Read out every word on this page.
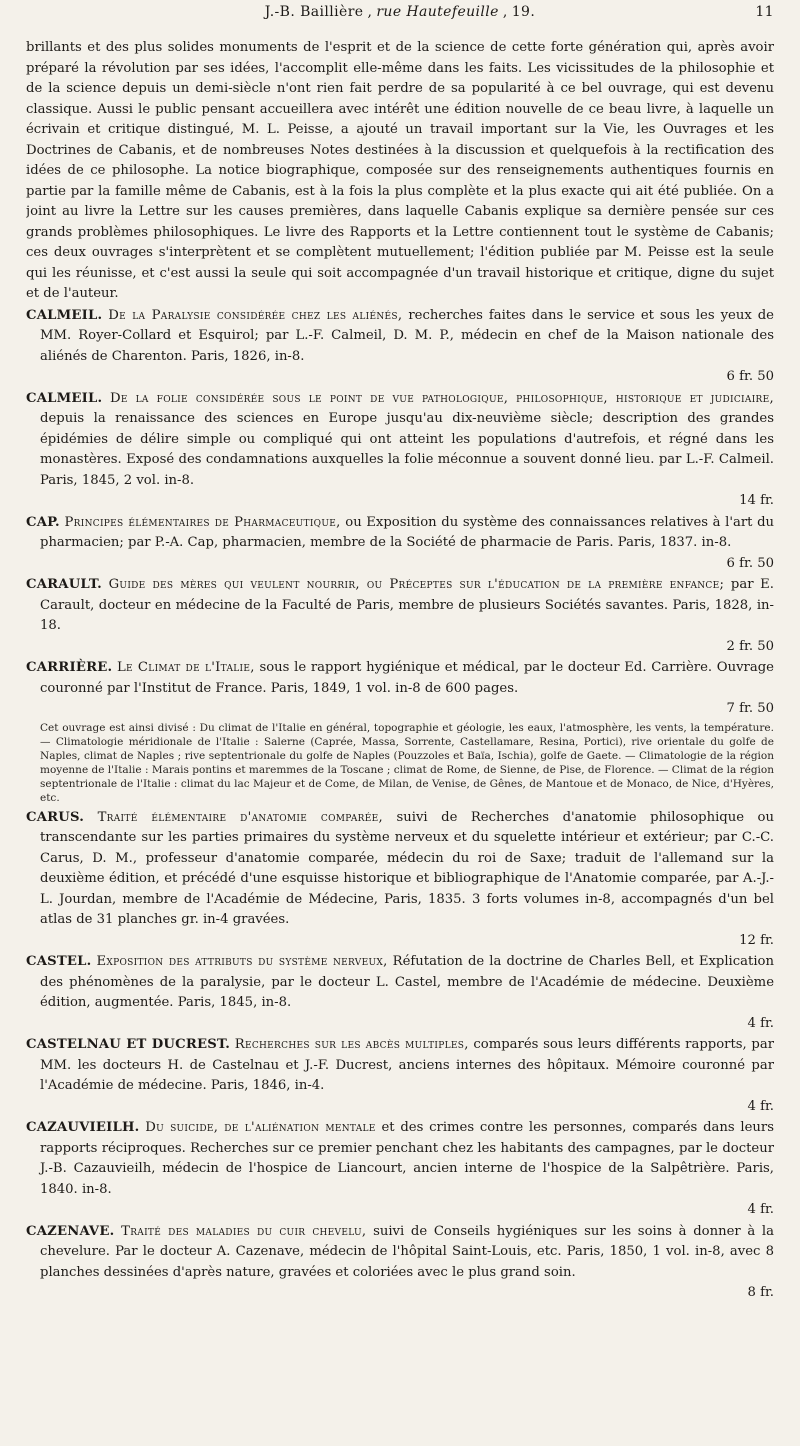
J.-B. Baillière , rue Hautefeuille , 19.	11

brillants et des plus solides monuments de l'esprit et de la science de cette forte génération qui, après avoir préparé la révolution par ses idées, l'accomplit elle-même dans les faits. Les vicissitudes de la philosophie et de la science depuis un demi-siècle n'ont rien fait perdre de sa popularité à ce bel ouvrage, qui est devenu classique. Aussi le public pensant accueillera avec intérêt une édition nouvelle de ce beau livre, à laquelle un écrivain et critique distingué, M. L. Peisse, a ajouté un travail important sur la Vie, les Ouvrages et les Doctrines de Cabanis, et de nombreuses Notes destinées à la discussion et quelquefois à la rectification des idées de ce philosophe. La notice biographique, composée sur des renseignements authentiques fournis en partie par la famille même de Cabanis, est à la fois la plus complète et la plus exacte qui ait été publiée. On a joint au livre la Lettre sur les causes premières, dans laquelle Cabanis explique sa dernière pensée sur ces grands problèmes philosophiques. Le livre des Rapports et la Lettre contiennent tout le système de Cabanis; ces deux ouvrages s'interprètent et se complètent mutuellement; l'édition publiée par M. Peisse est la seule qui les réunisse, et c'est aussi la seule qui soit accompagnée d'un travail historique et critique, digne du sujet et de l'auteur.

CALMEIL. De la Paralysie considérée chez les aliénés, recherches faites dans le service et sous les yeux de MM. Royer-Collard et Esquirol; par L.-F. Calmeil, D. M. P., médecin en chef de la Maison nationale des aliénés de Charenton. Paris, 1826, in-8.
6 fr. 50

CALMEIL. De la folie considérée sous le point de vue pathologique, philosophique, historique et judiciaire, depuis la renaissance des sciences en Europe jusqu'au dix-neuvième siècle; description des grandes épidémies de délire simple ou compliqué qui ont atteint les populations d'autrefois, et régné dans les monastères. Exposé des condamnations auxquelles la folie méconnue a souvent donné lieu. par L.-F. Calmeil. Paris, 1845, 2 vol. in-8.
14 fr.

CAP. Principes élémentaires de Pharmaceutique, ou Exposition du système des connaissances relatives à l'art du pharmacien; par P.-A. Cap, pharmacien, membre de la Société de pharmacie de Paris. Paris, 1837. in-8.
6 fr. 50

CARAULT. Guide des mères qui veulent nourrir, ou Préceptes sur l'éducation de la première enfance; par E. Carault, docteur en médecine de la Faculté de Paris, membre de plusieurs Sociétés savantes. Paris, 1828, in-18.
2 fr. 50

CARRIÈRE. Le Climat de l'Italie, sous le rapport hygiénique et médical, par le docteur Ed. Carrière. Ouvrage couronné par l'Institut de France. Paris, 1849, 1 vol. in-8 de 600 pages.
7 fr. 50
Cet ouvrage est ainsi divisé : Du climat de l'Italie en général, topographie et géologie, les eaux, l'atmosphère, les vents, la température. — Climatologie méridionale de l'Italie : Salerne (Caprée, Massa, Sorrente, Castellamare, Resina, Portici), rive orientale du golfe de Naples, climat de Naples ; rive septentrionale du golfe de Naples (Pouzzoles et Baïa, Ischia), golfe de Gaete. — Climatologie de la région moyenne de l'Italie : Marais pontins et maremmes de la Toscane ; climat de Rome, de Sienne, de Pise, de Florence. — Climat de la région septentrionale de l'Italie : climat du lac Majeur et de Come, de Milan, de Venise, de Gênes, de Mantoue et de Monaco, de Nice, d'Hyères, etc.

CARUS. Traité élémentaire d'anatomie comparée, suivi de Recherches d'anatomie philosophique ou transcendante sur les parties primaires du système nerveux et du squelette intérieur et extérieur; par C.-C. Carus, D. M., professeur d'anatomie comparée, médecin du roi de Saxe; traduit de l'allemand sur la deuxième édition, et précédé d'une esquisse historique et bibliographique de l'Anatomie comparée, par A.-J.-L. Jourdan, membre de l'Académie de Médecine, Paris, 1835. 3 forts volumes in-8, accompagnés d'un bel atlas de 31 planches gr. in-4 gravées.
12 fr.

CASTEL. Exposition des attributs du système nerveux, Réfutation de la doctrine de Charles Bell, et Explication des phénomènes de la paralysie, par le docteur L. Castel, membre de l'Académie de médecine. Deuxième édition, augmentée. Paris, 1845, in-8.
4 fr.

CASTELNAU ET DUCREST. Recherches sur les abcès multiples, comparés sous leurs différents rapports, par MM. les docteurs H. de Castelnau et J.-F. Ducrest, anciens internes des hôpitaux. Mémoire couronné par l'Académie de médecine. Paris, 1846, in-4.
4 fr.

CAZAUVIEILH. Du suicide, de l'aliénation mentale et des crimes contre les personnes, comparés dans leurs rapports réciproques. Recherches sur ce premier penchant chez les habitants des campagnes, par le docteur J.-B. Cazauvieilh, médecin de l'hospice de Liancourt, ancien interne de l'hospice de la Salpêtrière. Paris, 1840. in-8.
4 fr.

CAZENAVE. Traité des maladies du cuir chevelu, suivi de Conseils hygiéniques sur les soins à donner à la chevelure. Par le docteur A. Cazenave, médecin de l'hôpital Saint-Louis, etc. Paris, 1850, 1 vol. in-8, avec 8 planches dessinées d'après nature, gravées et coloriées avec le plus grand soin.
8 fr.
